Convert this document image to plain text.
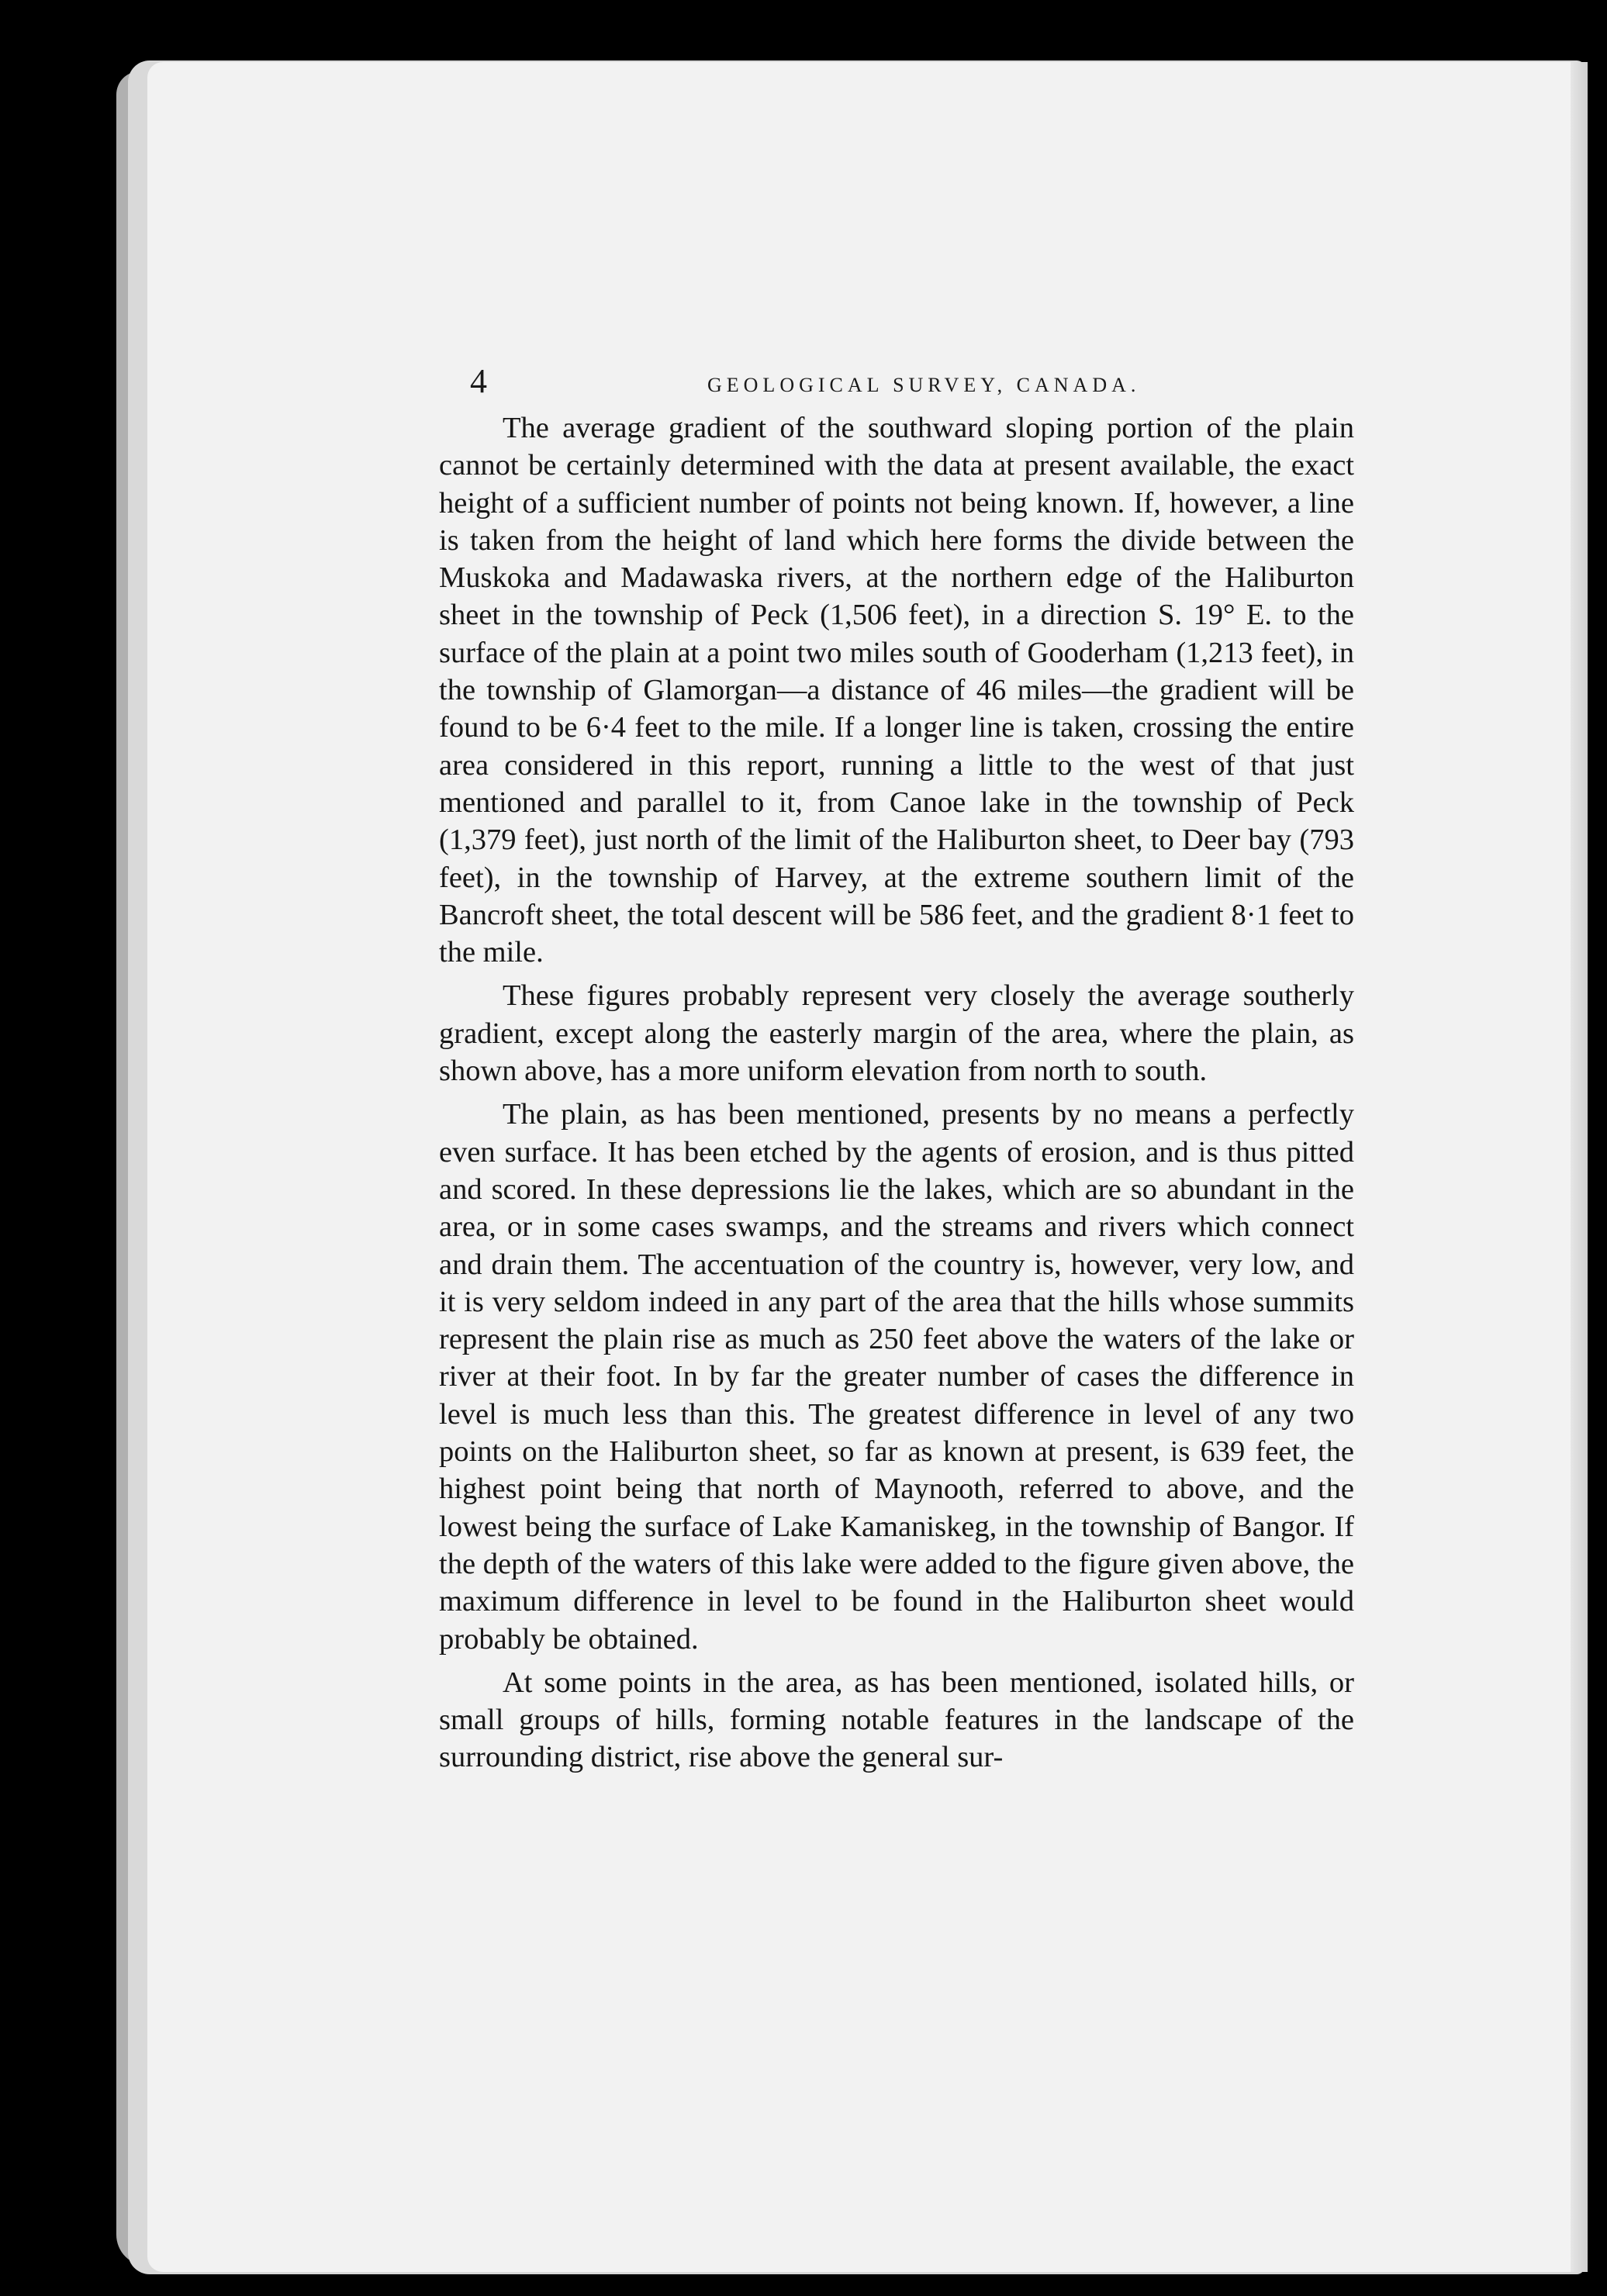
4	GEOLOGICAL SURVEY, CANADA.

The average gradient of the southward sloping portion of the plain cannot be certainly determined with the data at present available, the exact height of a sufficient number of points not being known. If, however, a line is taken from the height of land which here forms the divide between the Muskoka and Madawaska rivers, at the northern edge of the Haliburton sheet in the township of Peck (1,506 feet), in a direction S. 19° E. to the surface of the plain at a point two miles south of Gooderham (1,213 feet), in the township of Glamorgan—a distance of 46 miles—the gradient will be found to be 6·4 feet to the mile. If a longer line is taken, crossing the entire area considered in this report, running a little to the west of that just mentioned and parallel to it, from Canoe lake in the township of Peck (1,379 feet), just north of the limit of the Haliburton sheet, to Deer bay (793 feet), in the township of Harvey, at the extreme southern limit of the Bancroft sheet, the total descent will be 586 feet, and the gradient 8·1 feet to the mile.

These figures probably represent very closely the average southerly gradient, except along the easterly margin of the area, where the plain, as shown above, has a more uniform elevation from north to south.

The plain, as has been mentioned, presents by no means a perfectly even surface. It has been etched by the agents of erosion, and is thus pitted and scored. In these depressions lie the lakes, which are so abundant in the area, or in some cases swamps, and the streams and rivers which connect and drain them. The accentuation of the country is, however, very low, and it is very seldom indeed in any part of the area that the hills whose summits represent the plain rise as much as 250 feet above the waters of the lake or river at their foot. In by far the greater number of cases the difference in level is much less than this. The greatest difference in level of any two points on the Haliburton sheet, so far as known at present, is 639 feet, the highest point being that north of Maynooth, referred to above, and the lowest being the surface of Lake Kamaniskeg, in the township of Bangor. If the depth of the waters of this lake were added to the figure given above, the maximum difference in level to be found in the Haliburton sheet would probably be obtained.

At some points in the area, as has been mentioned, isolated hills, or small groups of hills, forming notable features in the landscape of the surrounding district, rise above the general sur-
